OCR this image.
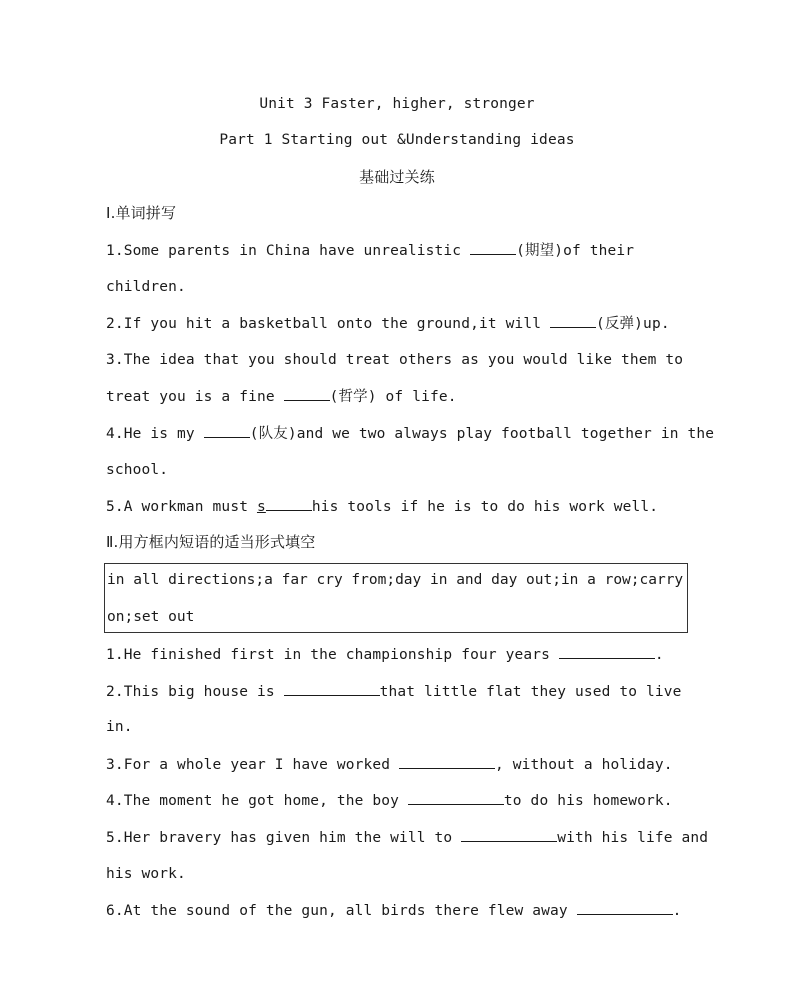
Unit 3 Faster, higher, stronger
Part 1 Starting out &Understanding ideas
基础过关练
Ⅰ.单词拼写
1.Some parents in China have unrealistic	(期望)of their
children.
2.If you hit a basketball onto the ground,it will	(反弹)up.
3.The idea that you should treat others as you would like them to
treat you is a fine	(哲学) of life.
4.He is my	(队友)and we two always play football together in the
school.
5.A workman must s	his tools if he is to do his work well.
Ⅱ.用方框内短语的适当形式填空
in all directions;a far cry from;day in and day out;in a row;carry
on;set out
1.He finished first in the championship four years	.
2.This big house is	that little flat they used to live
in.
3.For a whole year I have worked	, without a holiday.
4.The moment he got home, the boy	to do his homework.
5.Her bravery has given him the will to	with his life and
his work.
6.At the sound of the gun, all birds there flew away	.
